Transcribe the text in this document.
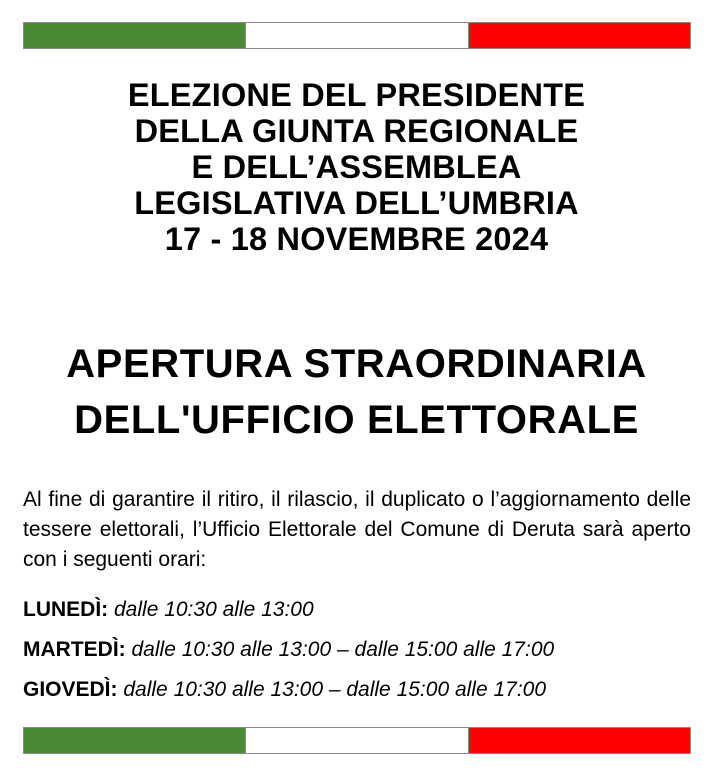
ELEZIONE DEL PRESIDENTE
DELLA GIUNTA REGIONALE
E DELL’ASSEMBLEA
LEGISLATIVA DELL’UMBRIA
17 - 18 NOVEMBRE 2024
APERTURA STRAORDINARIA
DELL'UFFICIO ELETTORALE
Al fine di garantire il ritiro, il rilascio, il duplicato o l’aggiornamento delle tessere elettorali, l’Ufficio Elettorale del Comune di Deruta sarà aperto con i seguenti orari:
LUNEDÌ: dalle 10:30 alle 13:00
MARTEDÌ: dalle 10:30 alle 13:00 – dalle 15:00 alle 17:00
GIOVEDÌ: dalle 10:30 alle 13:00 – dalle 15:00 alle 17:00
